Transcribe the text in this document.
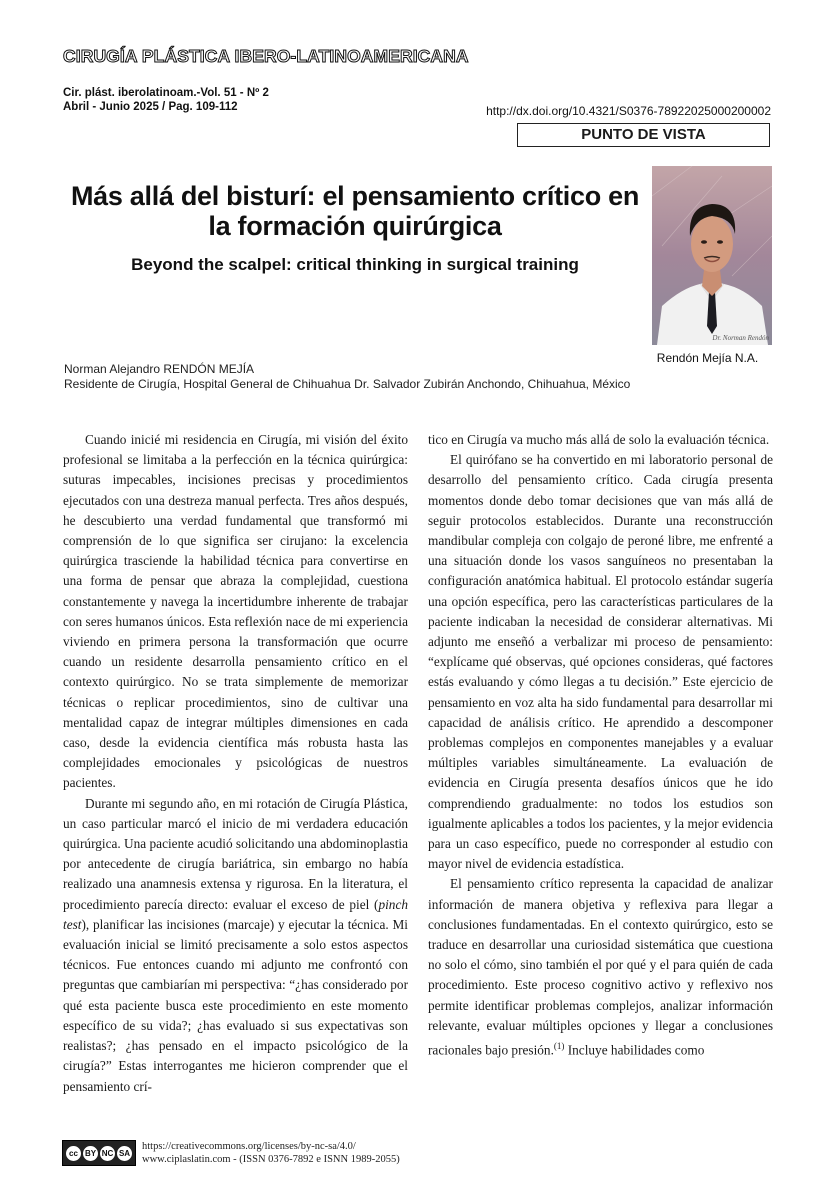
CIRUGÍA PLÁSTICA IBERO-LATINOAMERICANA
Cir. plást. iberolatinoam.-Vol. 51 - Nº 2
Abril - Junio 2025 / Pag. 109-112	http://dx.doi.org/10.4321/S0376-78922025000200002
PUNTO DE VISTA
Más allá del bisturí: el pensamiento crítico en la formación quirúrgica
Beyond the scalpel: critical thinking in surgical training
Dr. Norman Rendón
Rendón Mejía N.A.
Norman Alejandro RENDÓN MEJÍA
Residente de Cirugía, Hospital General de Chihuahua Dr. Salvador Zubirán Anchondo, Chihuahua, México

Cuando inicié mi residencia en Cirugía, mi visión del éxito profesional se limitaba a la perfección en la técnica quirúrgica: suturas impecables, incisiones precisas y procedimientos ejecutados con una destreza manual perfecta. Tres años después, he descubierto una verdad fundamental que transformó mi comprensión de lo que significa ser cirujano: la excelencia quirúrgica trasciende la habilidad técnica para convertirse en una forma de pensar que abraza la complejidad, cuestiona constantemente y navega la incertidumbre inherente de trabajar con seres humanos únicos. Esta reflexión nace de mi experiencia viviendo en primera persona la transformación que ocurre cuando un residente desarrolla pensamiento crítico en el contexto quirúrgico. No se trata simplemente de memorizar técnicas o replicar procedimientos, sino de cultivar una mentalidad capaz de integrar múltiples dimensiones en cada caso, desde la evidencia científica más robusta hasta las complejidades emocionales y psicológicas de nuestros pacientes.

Durante mi segundo año, en mi rotación de Cirugía Plástica, un caso particular marcó el inicio de mi verdadera educación quirúrgica. Una paciente acudió solicitando una abdominoplastia por antecedente de cirugía bariátrica, sin embargo no había realizado una anamnesis extensa y rigurosa. En la literatura, el procedimiento parecía directo: evaluar el exceso de piel (pinch test), planificar las incisiones (marcaje) y ejecutar la técnica. Mi evaluación inicial se limitó precisamente a solo estos aspectos técnicos. Fue entonces cuando mi adjunto me confrontó con preguntas que cambiarían mi perspectiva: “¿has considerado por qué esta paciente busca este procedimiento en este momento específico de su vida?; ¿has evaluado si sus expectativas son realistas?; ¿has pensado en el impacto psicológico de la cirugía?” Estas interrogantes me hicieron comprender que el pensamiento crí-

tico en Cirugía va mucho más allá de solo la evaluación técnica.

El quirófano se ha convertido en mi laboratorio personal de desarrollo del pensamiento crítico. Cada cirugía presenta momentos donde debo tomar decisiones que van más allá de seguir protocolos establecidos. Durante una reconstrucción mandibular compleja con colgajo de peroné libre, me enfrenté a una situación donde los vasos sanguíneos no presentaban la configuración anatómica habitual. El protocolo estándar sugería una opción específica, pero las características particulares de la paciente indicaban la necesidad de considerar alternativas. Mi adjunto me enseñó a verbalizar mi proceso de pensamiento: “explícame qué observas, qué opciones consideras, qué factores estás evaluando y cómo llegas a tu decisión.” Este ejercicio de pensamiento en voz alta ha sido fundamental para desarrollar mi capacidad de análisis crítico. He aprendido a descomponer problemas complejos en componentes manejables y a evaluar múltiples variables simultáneamente. La evaluación de evidencia en Cirugía presenta desafíos únicos que he ido comprendiendo gradualmente: no todos los estudios son igualmente aplicables a todos los pacientes, y la mejor evidencia para un caso específico, puede no corresponder al estudio con mayor nivel de evidencia estadística.

El pensamiento crítico representa la capacidad de analizar información de manera objetiva y reflexiva para llegar a conclusiones fundamentadas. En el contexto quirúrgico, esto se traduce en desarrollar una curiosidad sistemática que cuestiona no solo el cómo, sino también el por qué y el para quién de cada procedimiento. Este proceso cognitivo activo y reflexivo nos permite identificar problemas complejos, analizar información relevante, evaluar múltiples opciones y llegar a conclusiones racionales bajo presión.$^{(1)}$ Incluye habilidades como

cc BY NC SA
https://creativecommons.org/licenses/by-nc-sa/4.0/
www.ciplaslatin.com - (ISSN 0376-7892 e ISNN 1989-2055)
